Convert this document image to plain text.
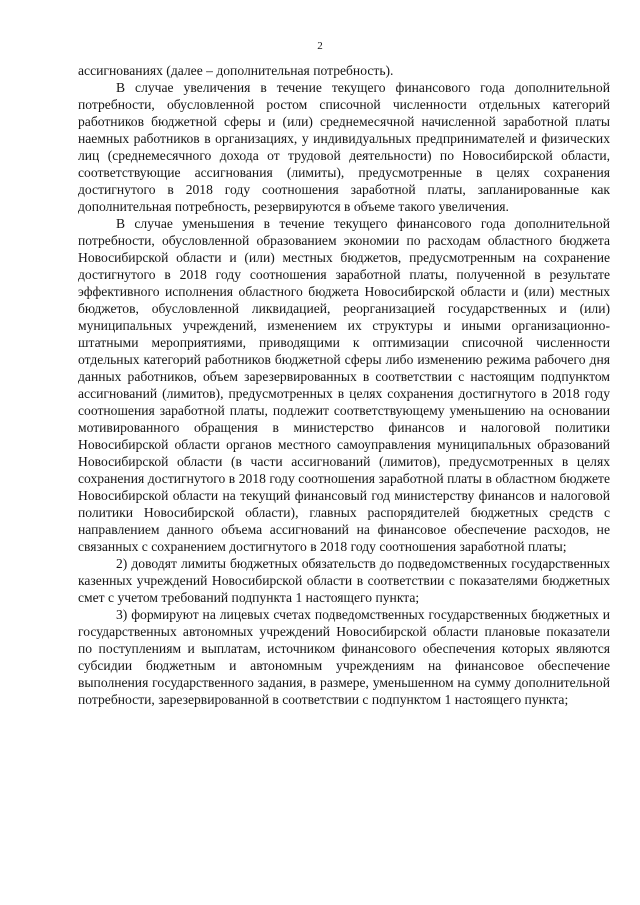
2

ассигнованиях (далее – дополнительная потребность).

В случае увеличения в течение текущего финансового года дополнительной потребности, обусловленной ростом списочной численности отдельных категорий работников бюджетной сферы и (или) среднемесячной начисленной заработной платы наемных работников в организациях, у индивидуальных предпринимателей и физических лиц (среднемесячного дохода от трудовой деятельности) по Новосибирской области, соответствующие ассигнования (лимиты), предусмотренные в целях сохранения достигнутого в 2018 году соотношения заработной платы, запланированные как дополнительная потребность, резервируются в объеме такого увеличения.

В случае уменьшения в течение текущего финансового года дополнительной потребности, обусловленной образованием экономии по расходам областного бюджета Новосибирской области и (или) местных бюджетов, предусмотренным на сохранение достигнутого в 2018 году соотношения заработной платы, полученной в результате эффективного исполнения областного бюджета Новосибирской области и (или) местных бюджетов, обусловленной ликвидацией, реорганизацией государственных и (или) муниципальных учреждений, изменением их структуры и иными организационно-штатными мероприятиями, приводящими к оптимизации списочной численности отдельных категорий работников бюджетной сферы либо изменению режима рабочего дня данных работников, объем зарезервированных в соответствии с настоящим подпунктом ассигнований (лимитов), предусмотренных в целях сохранения достигнутого в 2018 году соотношения заработной платы, подлежит соответствующему уменьшению на основании мотивированного обращения в министерство финансов и налоговой политики Новосибирской области органов местного самоуправления муниципальных образований Новосибирской области (в части ассигнований (лимитов), предусмотренных в целях сохранения достигнутого в 2018 году соотношения заработной платы в областном бюджете Новосибирской области на текущий финансовый год министерству финансов и налоговой политики Новосибирской области), главных распорядителей бюджетных средств с направлением данного объема ассигнований на финансовое обеспечение расходов, не связанных с сохранением достигнутого в 2018 году соотношения заработной платы;

2) доводят лимиты бюджетных обязательств до подведомственных государственных казенных учреждений Новосибирской области в соответствии с показателями бюджетных смет с учетом требований подпункта 1 настоящего пункта;

3) формируют на лицевых счетах подведомственных государственных бюджетных и государственных автономных учреждений Новосибирской области плановые показатели по поступлениям и выплатам, источником финансового обеспечения которых являются субсидии бюджетным и автономным учреждениям на финансовое обеспечение выполнения государственного задания, в размере, уменьшенном на сумму дополнительной потребности, зарезервированной в соответствии с подпунктом 1 настоящего пункта;
